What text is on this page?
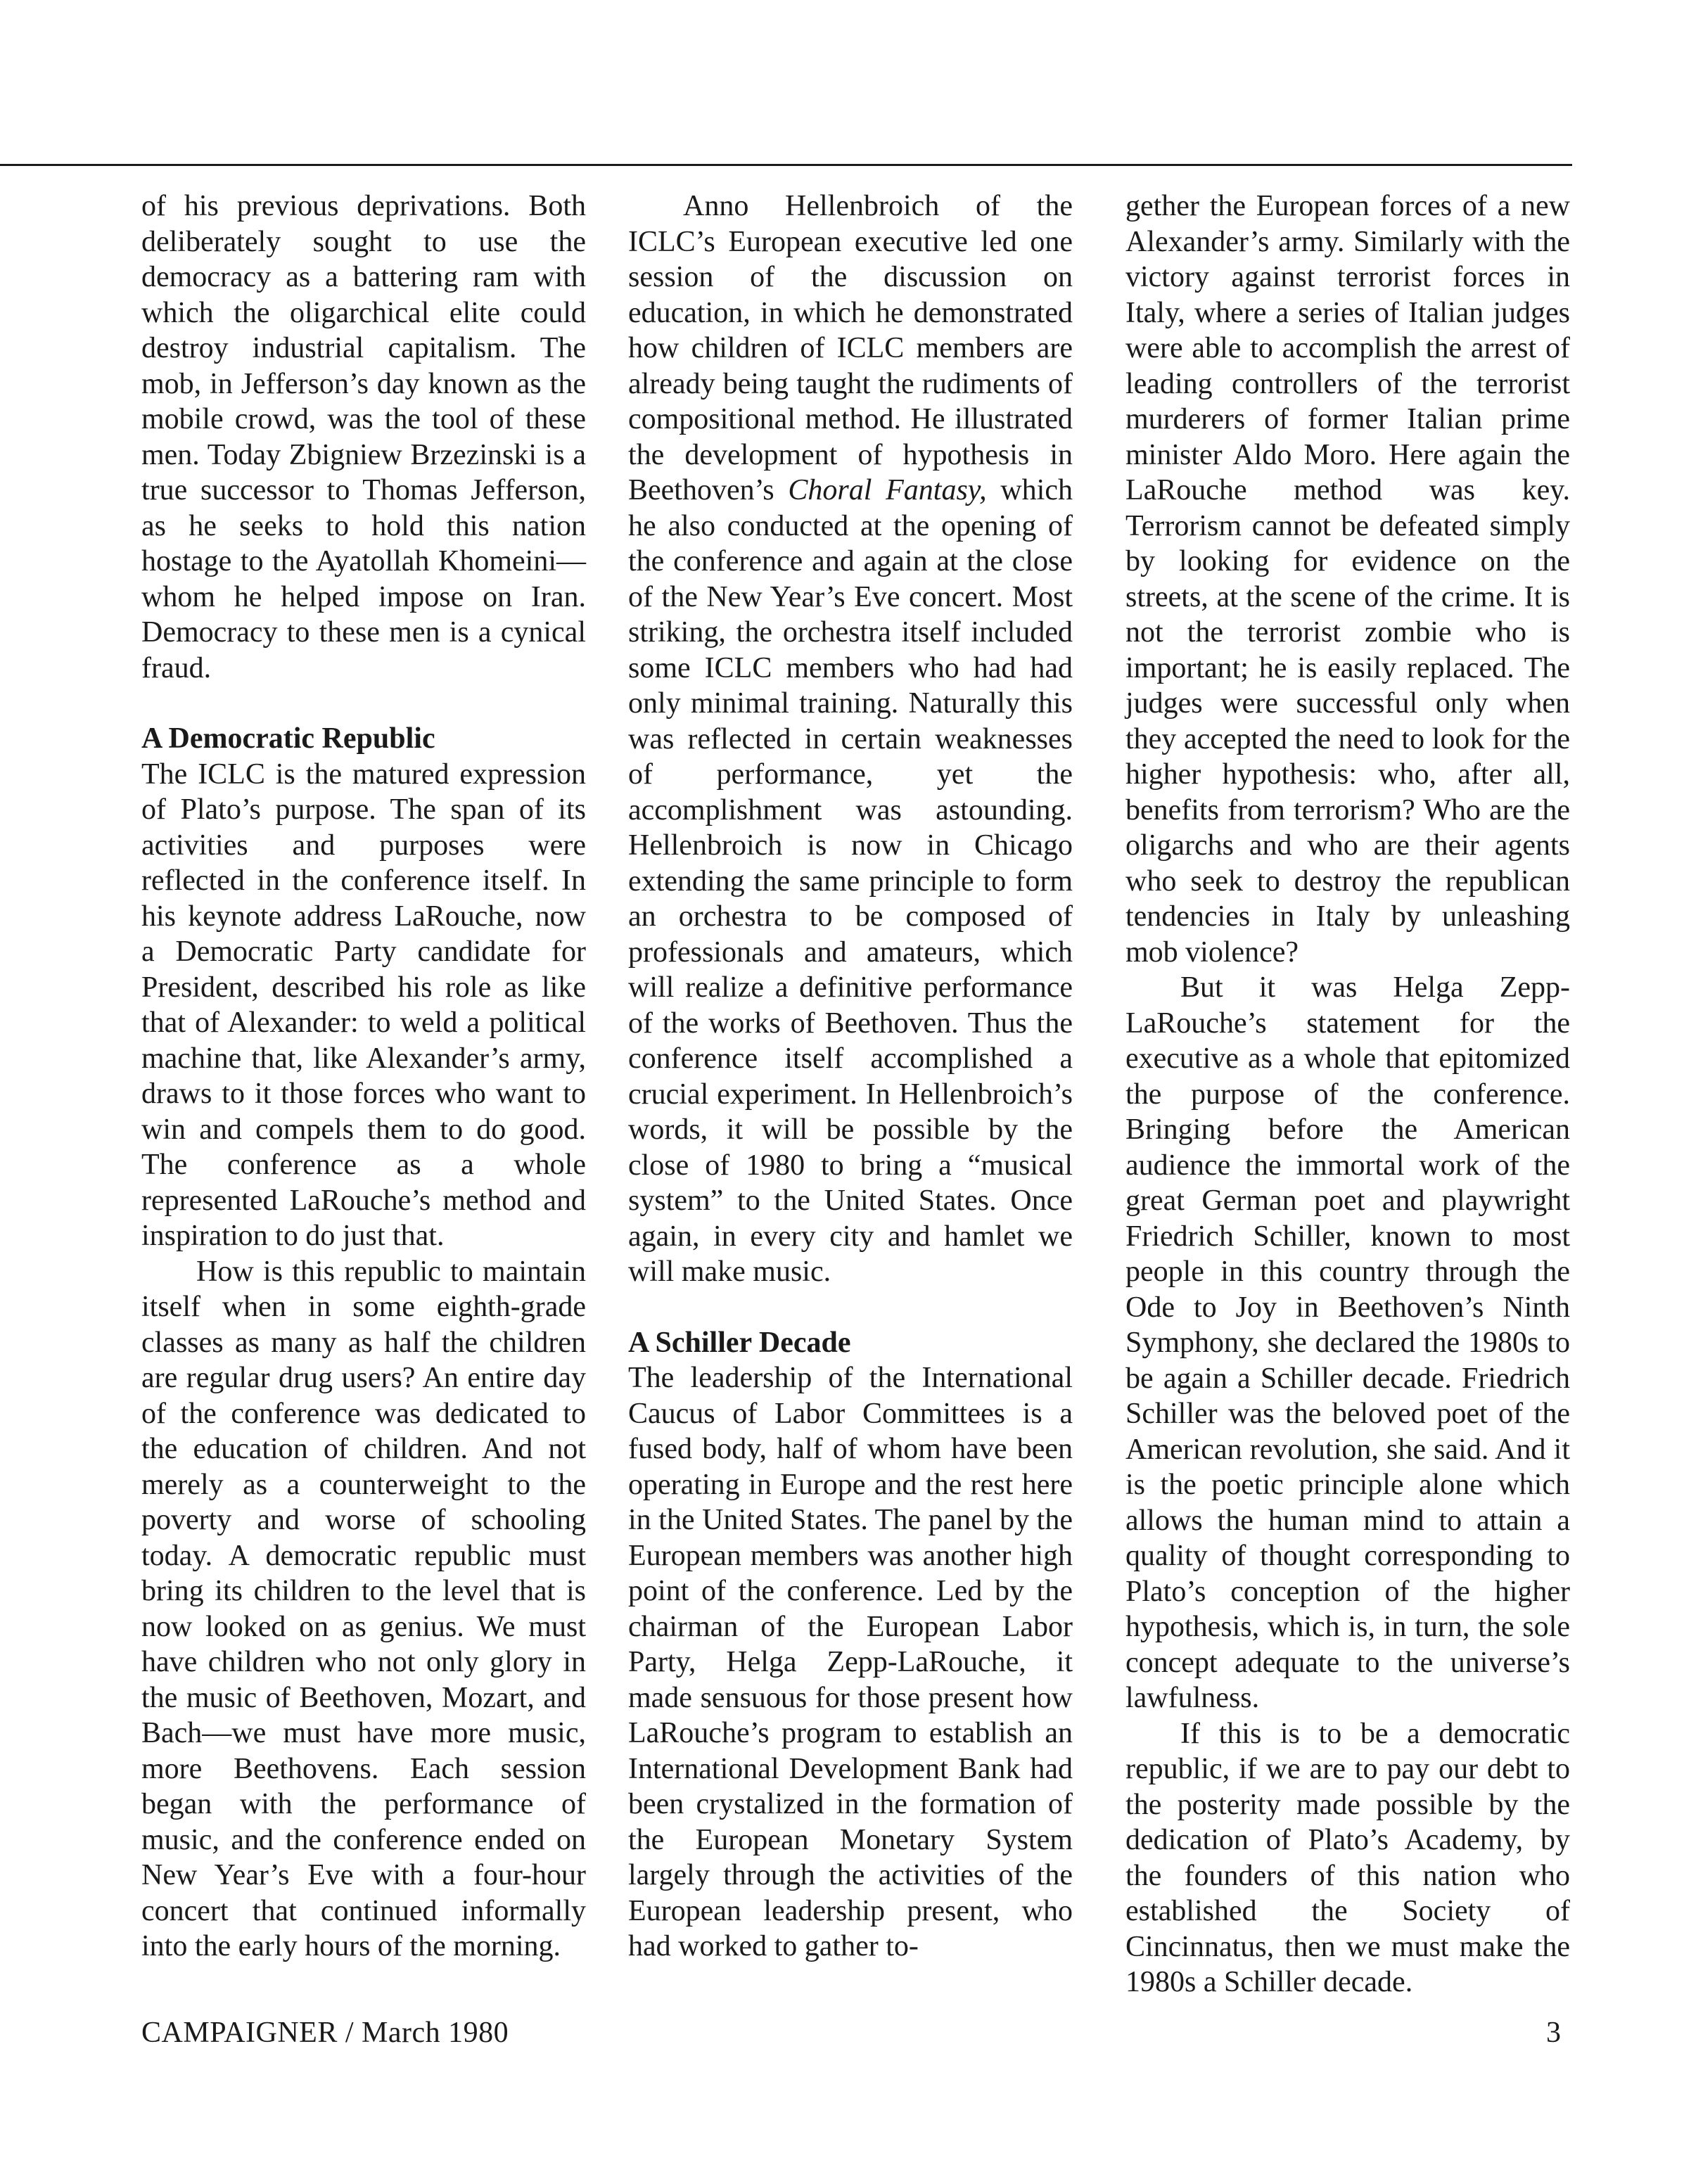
of his previous deprivations. Both deliberately sought to use the democracy as a battering ram with which the oligarchical elite could destroy industrial capitalism. The mob, in Jefferson’s day known as the mobile crowd, was the tool of these men. Today Zbigniew Brzezinski is a true successor to Thomas Jefferson, as he seeks to hold this nation hostage to the Ayatollah Khomeini—whom he helped impose on Iran. Democracy to these men is a cynical fraud.

A Democratic Republic

The ICLC is the matured expression of Plato’s purpose. The span of its activities and purposes were reflected in the conference itself. In his keynote address LaRouche, now a Democratic Party candidate for President, described his role as like that of Alexander: to weld a political machine that, like Alexander’s army, draws to it those forces who want to win and compels them to do good. The conference as a whole represented LaRouche’s method and inspiration to do just that.

How is this republic to maintain itself when in some eighth-grade classes as many as half the children are regular drug users? An entire day of the conference was dedicated to the education of children. And not merely as a counterweight to the poverty and worse of schooling today. A democratic republic must bring its children to the level that is now looked on as genius. We must have children who not only glory in the music of Beethoven, Mozart, and Bach—we must have more music, more Beethovens. Each session began with the performance of music, and the conference ended on New Year’s Eve with a four-hour concert that continued informally into the early hours of the morning.

Anno Hellenbroich of the ICLC’s European executive led one session of the discussion on education, in which he demonstrated how children of ICLC members are already being taught the rudiments of compositional method. He illustrated the development of hypothesis in Beethoven’s Choral Fantasy, which he also conducted at the opening of the conference and again at the close of the New Year’s Eve concert. Most striking, the orchestra itself included some ICLC members who had had only minimal training. Naturally this was reflected in certain weaknesses of performance, yet the accomplishment was astounding. Hellenbroich is now in Chicago extending the same principle to form an orchestra to be composed of professionals and amateurs, which will realize a definitive performance of the works of Beethoven. Thus the conference itself accomplished a crucial experiment. In Hellenbroich’s words, it will be possible by the close of 1980 to bring a “musical system” to the United States. Once again, in every city and hamlet we will make music.

A Schiller Decade

The leadership of the International Caucus of Labor Committees is a fused body, half of whom have been operating in Europe and the rest here in the United States. The panel by the European members was another high point of the conference. Led by the chairman of the European Labor Party, Helga Zepp-LaRouche, it made sensuous for those present how LaRouche’s program to establish an International Development Bank had been crystalized in the formation of the European Monetary System largely through the activities of the European leadership present, who had worked to gather to-

gether the European forces of a new Alexander’s army. Similarly with the victory against terrorist forces in Italy, where a series of Italian judges were able to accomplish the arrest of leading controllers of the terrorist murderers of former Italian prime minister Aldo Moro. Here again the LaRouche method was key. Terrorism cannot be defeated simply by looking for evidence on the streets, at the scene of the crime. It is not the terrorist zombie who is important; he is easily replaced. The judges were successful only when they accepted the need to look for the higher hypothesis: who, after all, benefits from terrorism? Who are the oligarchs and who are their agents who seek to destroy the republican tendencies in Italy by unleashing mob violence?

But it was Helga Zepp-LaRouche’s statement for the executive as a whole that epitomized the purpose of the conference. Bringing before the American audience the immortal work of the great German poet and playwright Friedrich Schiller, known to most people in this country through the Ode to Joy in Beethoven’s Ninth Symphony, she declared the 1980s to be again a Schiller decade. Friedrich Schiller was the beloved poet of the American revolution, she said. And it is the poetic principle alone which allows the human mind to attain a quality of thought corresponding to Plato’s conception of the higher hypothesis, which is, in turn, the sole concept adequate to the universe’s lawfulness.

If this is to be a democratic republic, if we are to pay our debt to the posterity made possible by the dedication of Plato’s Academy, by the founders of this nation who established the Society of Cincinnatus, then we must make the 1980s a Schiller decade.

CAMPAIGNER / March 1980	3
